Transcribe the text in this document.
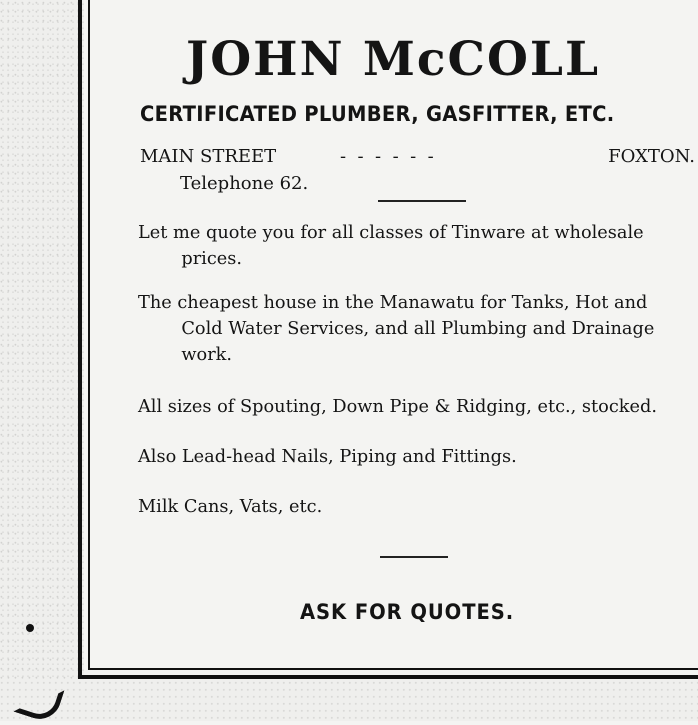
JOHN McCOLL
CERTIFICATED PLUMBER, GASFITTER, ETC.
MAIN STREET	-  -  -  -  -  -	FOXTON.
Telephone 62.
Let me quote you for all classes of Tinware at wholesale
prices.
The cheapest house in the Manawatu for Tanks, Hot and
Cold Water Services, and all Plumbing and Drainage
work.
All sizes of Spouting, Down Pipe & Ridging, etc., stocked.
Also Lead-head Nails, Piping and Fittings.
Milk Cans, Vats, etc.
ASK FOR QUOTES.
